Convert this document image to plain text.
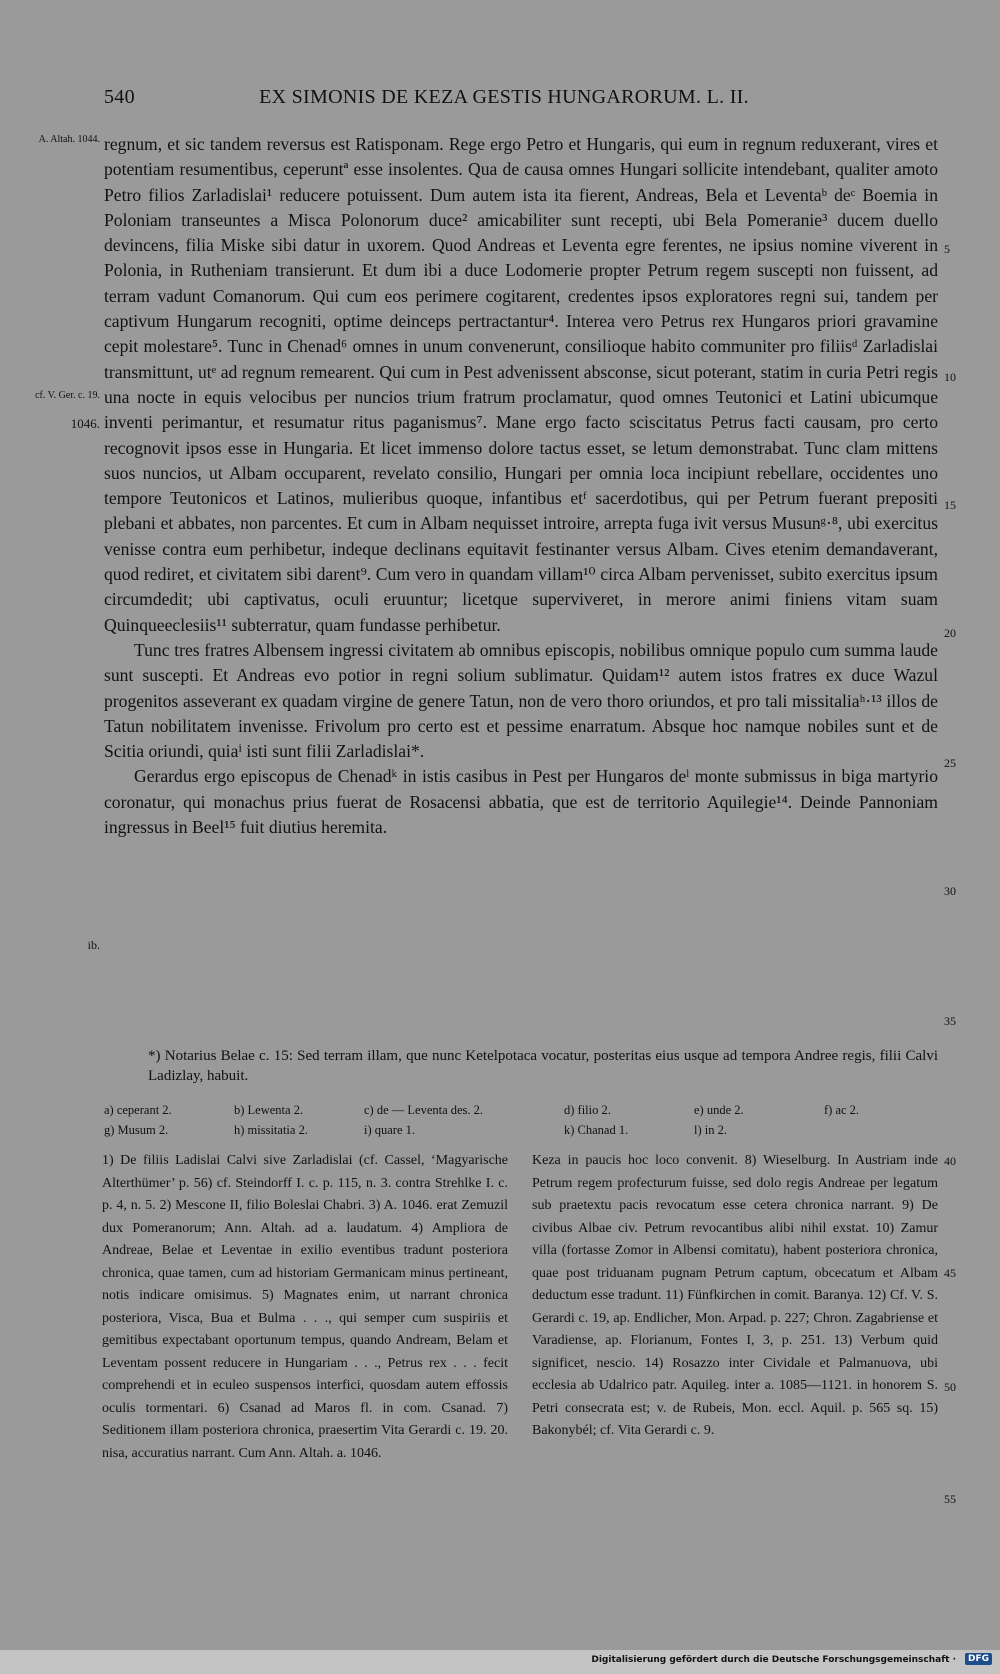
540	EX SIMONIS DE KEZA GESTIS HUNGARORUM. L. II.
A. Altah. 1044.
cf. V. Ger. c. 19.
1046.
ib.
5
10
15
20
25
30
35
40
45
50
55

regnum, et sic tandem reversus est Ratisponam. Rege ergo Petro et Hungaris, qui eum in regnum reduxerant, vires et potentiam resumentibus, ceperuntª esse insolentes. Qua de causa omnes Hungari sollicite intendebant, qualiter amoto Petro filios Zarladislai¹ reducere potuissent. Dum autem ista ita fierent, Andreas, Bela et Leventaᵇ deᶜ Boemia in Poloniam transeuntes a Misca Polonorum duce² amicabiliter sunt recepti, ubi Bela Pomeranie³ ducem duello devincens, filia Miske sibi datur in uxorem. Quod Andreas et Leventa egre ferentes, ne ipsius nomine viverent in Polonia, in Rutheniam transierunt. Et dum ibi a duce Lodomerie propter Petrum regem suscepti non fuissent, ad terram vadunt Comanorum. Qui cum eos perimere cogitarent, credentes ipsos exploratores regni sui, tandem per captivum Hungarum recogniti, optime deinceps pertractantur⁴. Interea vero Petrus rex Hungaros priori gravamine cepit molestare⁵. Tunc in Chenad⁶ omnes in unum convenerunt, consilioque habito communiter pro filiisᵈ Zarladislai transmittunt, utᵉ ad regnum remearent. Qui cum in Pest advenissent absconse, sicut poterant, statim in curia Petri regis una nocte in equis velocibus per nuncios trium fratrum proclamatur, quod omnes Teutonici et Latini ubicumque inventi perimantur, et resumatur ritus paganismus⁷. Mane ergo facto sciscitatus Petrus facti causam, pro certo recognovit ipsos esse in Hungaria. Et licet immenso dolore tactus esset, se letum demonstrabat. Tunc clam mittens suos nuncios, ut Albam occuparent, revelato consilio, Hungari per omnia loca incipiunt rebellare, occidentes uno tempore Teutonicos et Latinos, mulieribus quoque, infantibus etᶠ sacerdotibus, qui per Petrum fuerant prepositi plebani et abbates, non parcentes. Et cum in Albam nequisset introire, arrepta fuga ivit versus Musunᵍ·⁸, ubi exercitus venisse contra eum perhibetur, indeque declinans equitavit festinanter versus Albam. Cives etenim demandaverant, quod rediret, et civitatem sibi darent⁹. Cum vero in quandam villam¹⁰ circa Albam pervenisset, subito exercitus ipsum circumdedit; ubi captivatus, oculi eruuntur; licetque superviveret, in merore animi finiens vitam suam Quinqueeclesiis¹¹ subterratur, quam fundasse perhibetur.

Tunc tres fratres Albensem ingressi civitatem ab omnibus episcopis, nobilibus omnique populo cum summa laude sunt suscepti. Et Andreas evo potior in regni solium sublimatur. Quidam¹² autem istos fratres ex duce Wazul progenitos asseverant ex quadam virgine de genere Tatun, non de vero thoro oriundos, et pro tali missitaliaʰ·¹³ illos de Tatun nobilitatem invenisse. Frivolum pro certo est et pessime enarratum. Absque hoc namque nobiles sunt et de Scitia oriundi, quiaⁱ isti sunt filii Zarladislai*.

Gerardus ergo episcopus de Chenadᵏ in istis casibus in Pest per Hungaros deˡ monte submissus in biga martyrio coronatur, qui monachus prius fuerat de Rosacensi abbatia, que est de territorio Aquilegie¹⁴. Deinde Pannoniam ingressus in Beel¹⁵ fuit diutius heremita.

*) Notarius Belae c. 15: Sed terram illam, que nunc Ketelpotaca vocatur, posteritas eius usque ad tempora Andree regis, filii Calvi Ladizlay, habuit.
a) ceperant 2.	b) Lewenta 2.	c) de — Leventa des. 2.	d) filio 2.	e) unde 2.	f) ac 2.
g) Musum 2.	h) missitatia 2.	i) quare 1.	k) Chanad 1.	l) in 2.
1) De filiis Ladislai Calvi sive Zarladislai (cf. Cassel, ‘Magyarische Alterthümer’ p. 56) cf. Steindorff I. c. p. 115, n. 3. contra Strehlke I. c. p. 4, n. 5. 2) Mescone II, filio Boleslai Chabri. 3) A. 1046. erat Zemuzil dux Pomeranorum; Ann. Altah. ad a. laudatum. 4) Ampliora de Andreae, Belae et Leventae in exilio eventibus tradunt posteriora chronica, quae tamen, cum ad historiam Germanicam minus pertineant, notis indicare omisimus. 5) Magnates enim, ut narrant chronica posteriora, Visca, Bua et Bulma . . ., qui semper cum suspiriis et gemitibus expectabant oportunum tempus, quando Andream, Belam et Leventam possent reducere in Hungariam . . ., Petrus rex . . . fecit comprehendi et in eculeo suspensos interfici, quosdam autem effossis oculis tormentari. 6) Csanad ad Maros fl. in com. Csanad. 7) Seditionem illam posteriora chronica, praesertim Vita Gerardi c. 19. 20. nisa, accuratius narrant. Cum Ann. Altah. a. 1046.
Keza in paucis hoc loco convenit. 8) Wieselburg. In Austriam inde Petrum regem profecturum fuisse, sed dolo regis Andreae per legatum sub praetextu pacis revocatum esse cetera chronica narrant. 9) De civibus Albae civ. Petrum revocantibus alibi nihil exstat. 10) Zamur villa (fortasse Zomor in Albensi comitatu), habent posteriora chronica, quae post triduanam pugnam Petrum captum, obcecatum et Albam deductum esse tradunt. 11) Fünfkirchen in comit. Baranya. 12) Cf. V. S. Gerardi c. 19, ap. Endlicher, Mon. Arpad. p. 227; Chron. Zagabriense et Varadiense, ap. Florianum, Fontes I, 3, p. 251. 13) Verbum quid significet, nescio. 14) Rosazzo inter Cividale et Palmanuova, ubi ecclesia ab Udalrico patr. Aquileg. inter a. 1085—1121. in honorem S. Petri consecrata est; v. de Rubeis, Mon. eccl. Aquil. p. 565 sq. 15) Bakonybél; cf. Vita Gerardi c. 9.
Digitalisierung gefördert durch die Deutsche Forschungsgemeinschaft ·	DFG
